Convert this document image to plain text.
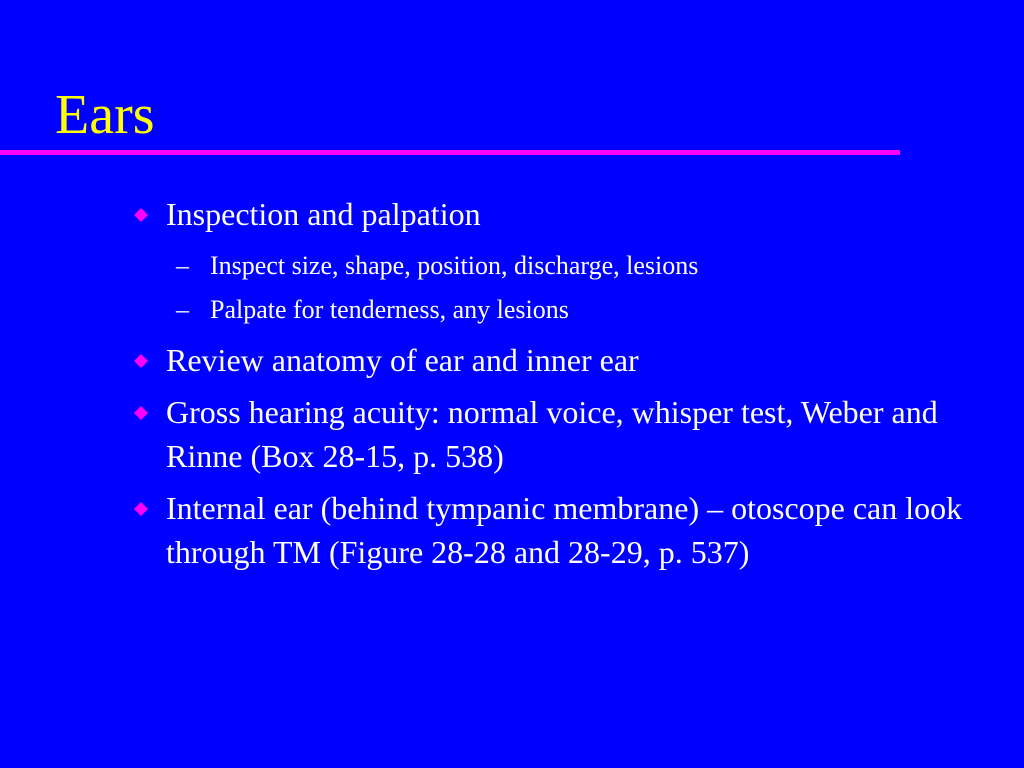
Ears
Inspection and palpation
– Inspect size, shape, position, discharge, lesions
– Palpate for tenderness, any lesions
Review anatomy of ear and inner ear
Gross hearing acuity: normal voice, whisper test, Weber and Rinne (Box 28-15, p. 538)
Internal ear (behind tympanic membrane) – otoscope can look through TM (Figure 28-28 and 28-29, p. 537)
